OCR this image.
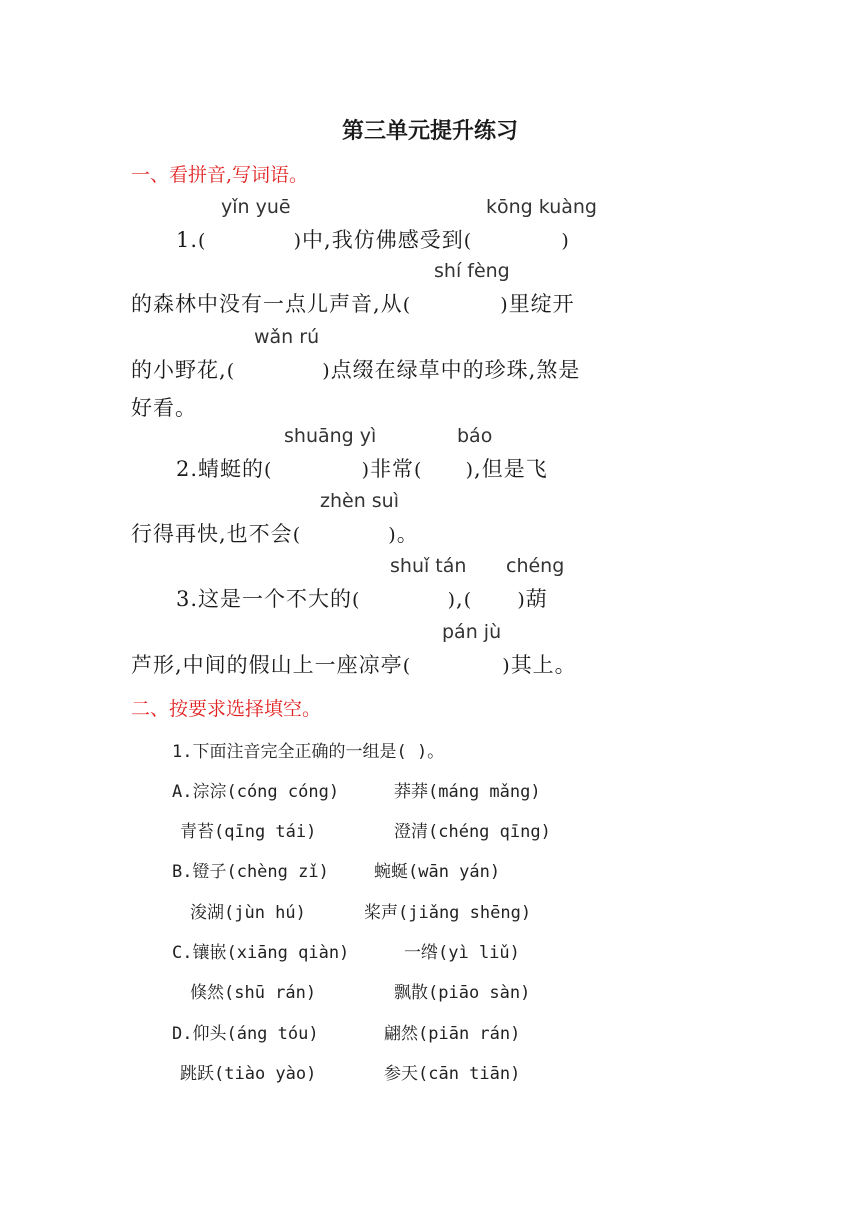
第三单元提升练习
一、看拼音,写词语。
yǐn yuē	kōng kuàng
1.(	) 中,我仿佛感受到(	)
shí fèng
的森林中没有一点儿声音,从(	) 里绽开
wǎn rú
的小野花,(	) 点缀在绿草中的珍珠,煞是
好看。
shuāng yì	báo
2.蜻蜓的(	) 非常( ) ,但是飞
zhèn suì
行得再快,也不会(	) 。
shuǐ tán chéng
3.这是一个不大的(	) ,( ) 葫
pán jù
芦形,中间的假山上一座凉亭(	) 其上。
二、按要求选择填空。
1.下面注音完全正确的一组是( )。
A.淙淙(cóng cóng)	莽莽(máng mǎng)
青苔(qīng tái)	澄清(chéng qīng)
B.镫子(chèng zǐ)	蜿蜒(wān yán)
浚湖(jùn hú)	桨声(jiǎng shēng)
C.镶嵌(xiāng qiàn)	一绺(yì liǔ)
倏然(shū rán)	飘散(piāo sàn)
D.仰头(áng tóu)	翩然(piān rán)
跳跃(tiào yào)	参天(cān tiān)
